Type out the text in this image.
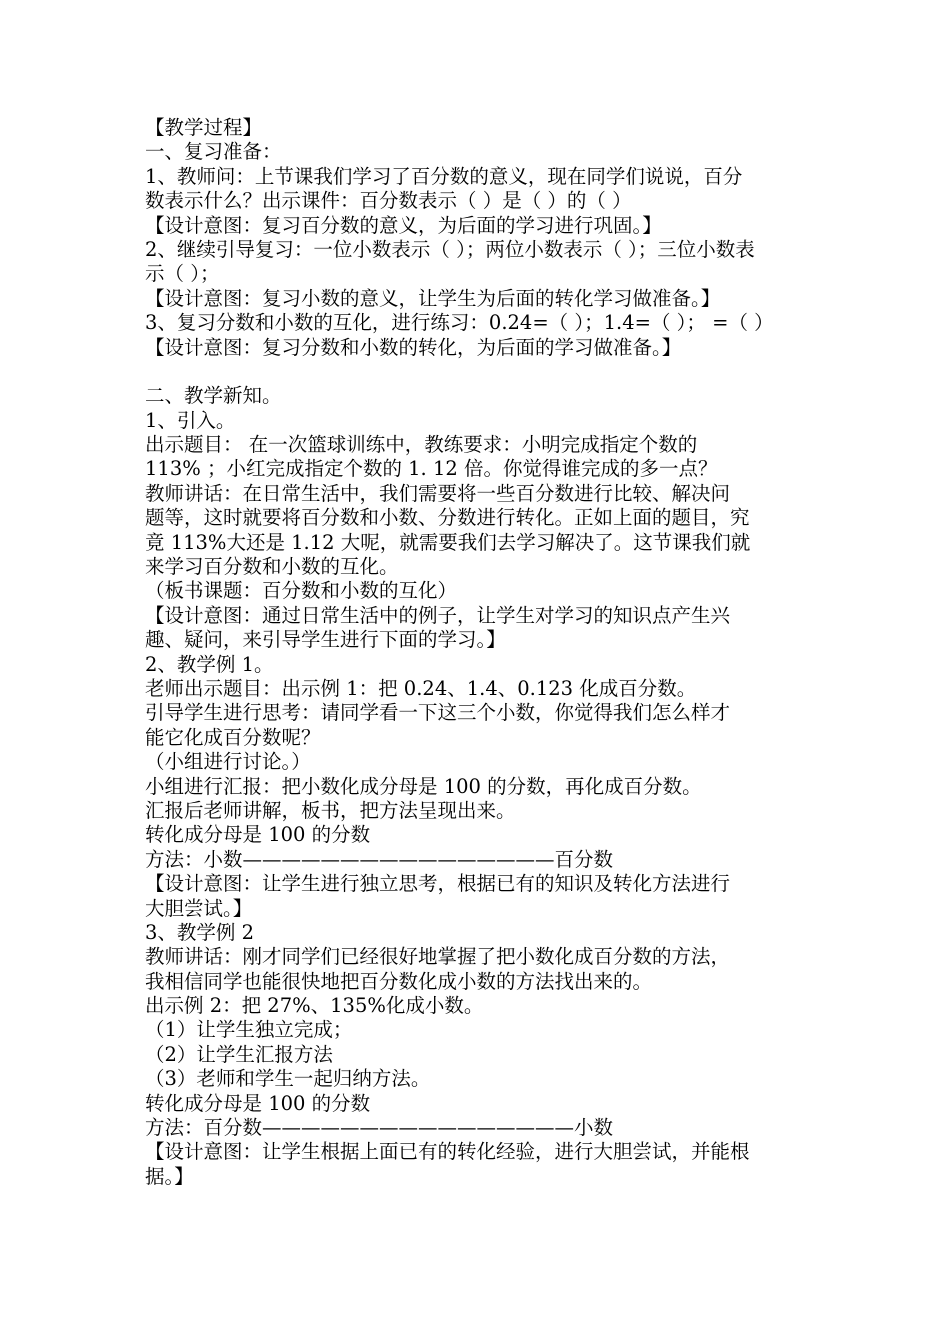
【教学过程】
一、复习准备：
1、教师问：上节课我们学习了百分数的意义，现在同学们说说，百分
数表示什么？出示课件：百分数表示（ ）是（ ）的（ ）
【设计意图：复习百分数的意义，为后面的学习进行巩固。】
2、继续引导复习：一位小数表示（ ）；两位小数表示（ ）；三位小数表
示（ ）；
【设计意图：复习小数的意义，让学生为后面的转化学习做准备。】
3、复习分数和小数的互化，进行练习：0.24=（ ）；1.4=（ ）； =（ ）
【设计意图：复习分数和小数的转化，为后面的学习做准备。】
二、教学新知。
1、引入。
出示题目： 在一次篮球训练中，教练要求：小明完成指定个数的
113% ；小红完成指定个数的 1. 12 倍。你觉得谁完成的多一点？
教师讲话：在日常生活中，我们需要将一些百分数进行比较、解决问
题等，这时就要将百分数和小数、分数进行转化。正如上面的题目，究
竟 113%大还是 1.12 大呢，就需要我们去学习解决了。这节课我们就
来学习百分数和小数的互化。
（板书课题：百分数和小数的互化）
【设计意图：通过日常生活中的例子，让学生对学习的知识点产生兴
趣、疑问，来引导学生进行下面的学习。】
2、教学例 1。
老师出示题目：出示例 1：把 0.24、1.4、0.123 化成百分数。
引导学生进行思考：请同学看一下这三个小数，你觉得我们怎么样才
能它化成百分数呢？
（小组进行讨论。）
小组进行汇报：把小数化成分母是 100 的分数，再化成百分数。
汇报后老师讲解，板书，把方法呈现出来。
转化成分母是 100 的分数
方法：小数————————————————百分数
【设计意图：让学生进行独立思考，根据已有的知识及转化方法进行
大胆尝试。】
3、教学例 2
教师讲话：刚才同学们已经很好地掌握了把小数化成百分数的方法，
我相信同学也能很快地把百分数化成小数的方法找出来的。
出示例 2：把 27%、135%化成小数。
（1）让学生独立完成；
（2）让学生汇报方法
（3）老师和学生一起归纳方法。
转化成分母是 100 的分数
方法：百分数————————————————小数
【设计意图：让学生根据上面已有的转化经验，进行大胆尝试，并能根
据。】
